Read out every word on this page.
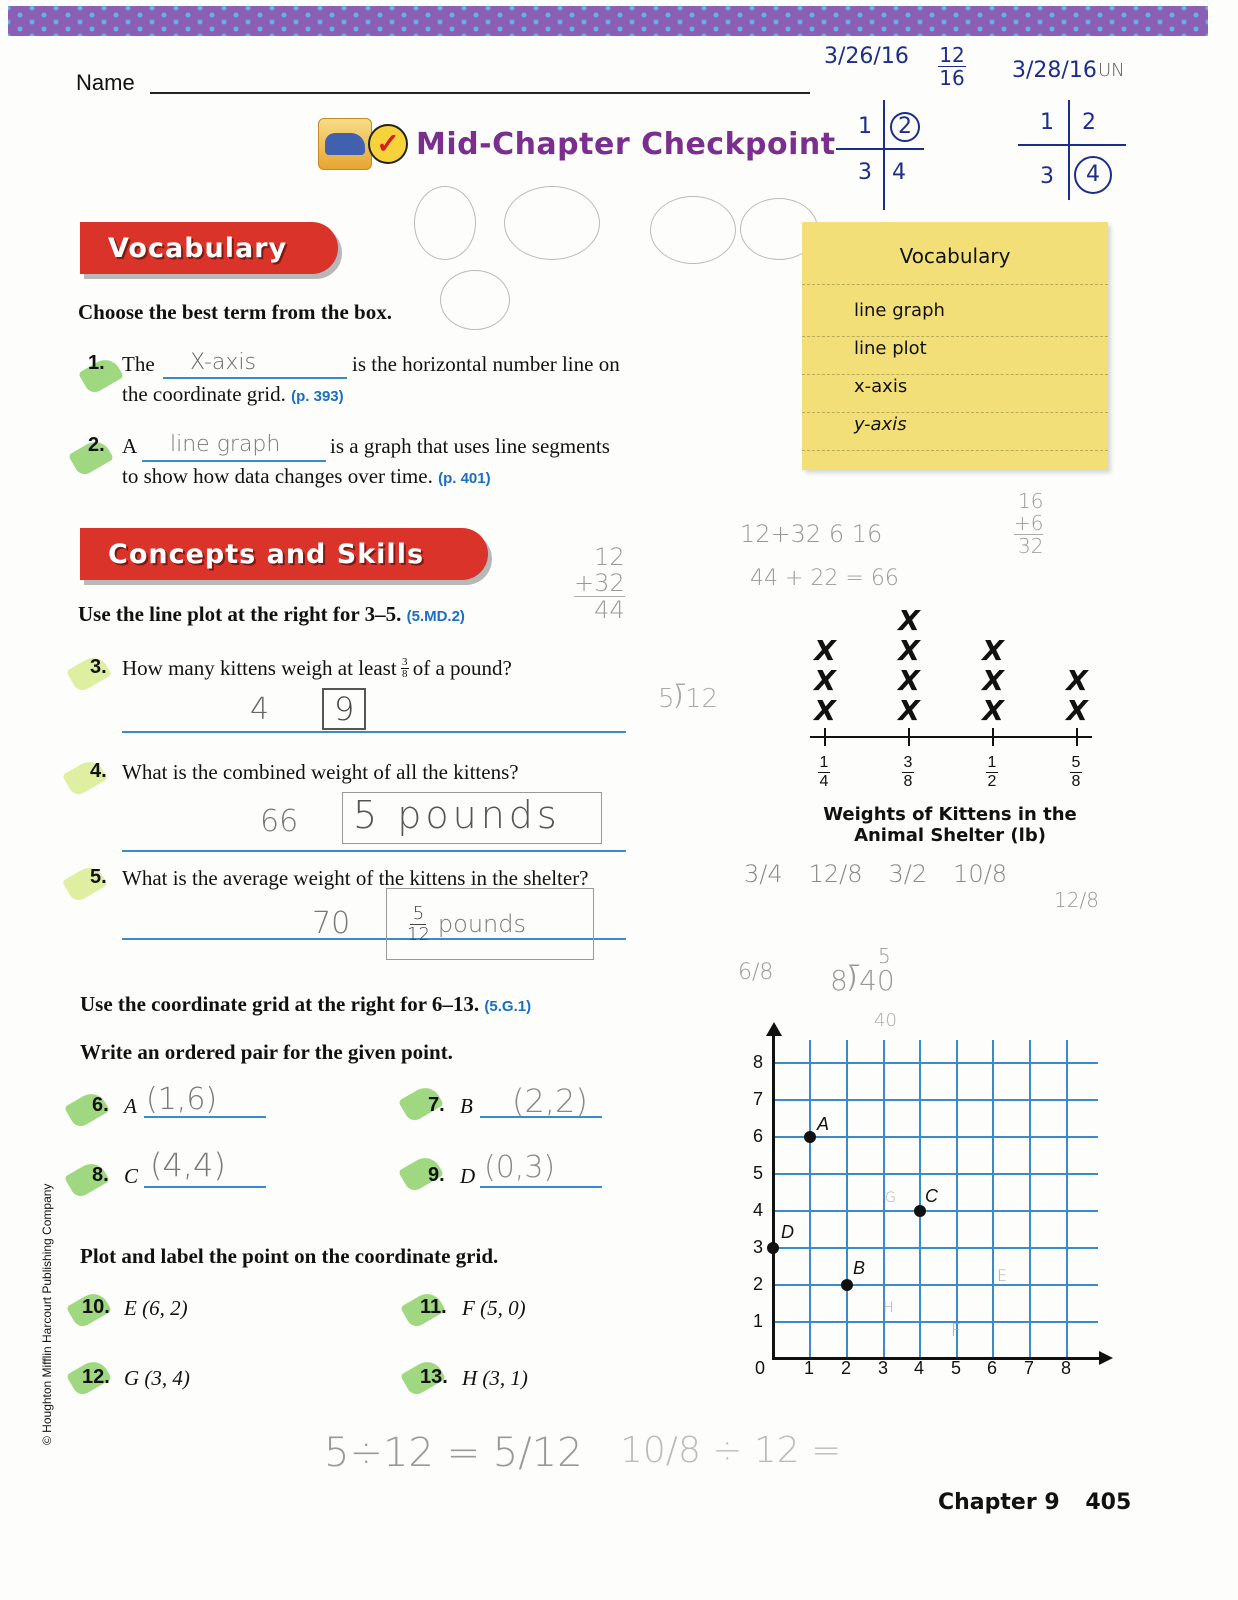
Name
✓ Mid-Chapter Checkpoint
3/26/16 12
16 3/28/16 UN
1	2
3 4
1 2
3	4
Vocabulary
Choose the best term from the box.
Vocabulary
line graph
line plot
x-axis
y-axis
1. The X-axis	is the horizontal number line on
the coordinate grid. (p. 393)
2. A line graph is a graph that uses line segments
to show how data changes over time. (p. 401)
Concepts and Skills
Use the line plot at the right for 3–5. (5.MD.2)
3. How many kittens weigh at least 3
8 of a pound?
4	9
4. What is the combined weight of all the kittens?
66 5 pounds
5. What is the average weight of the kittens in the shelter?
70	5
12 pounds
Use the coordinate grid at the right for 6–13. (5.G.1)
Write an ordered pair for the given point.
6. A (1,6)	7. B (2,2)
8. C (4,4)	9. D (0,3)
Plot and label the point on the coordinate grid.
10. E (6, 2)	11. F (5, 0)
12. G (3, 4)	13. H (3, 1)
X
X
X
X
X
X
X
X
X
X
X
X
1
4
3
8
1
2
5
8
Weights of Kittens in the
Animal Shelter (lb)
1
2
3
4
5
6
7
8
0 1 2 3 4 5 6 7 8
A
B
C
D
E
F
G
H
12
+32
44
12+32 6 16
44 + 22 = 66
16
+6
32
5⟌12
3/4 12/8 3/2 10/8
12/8
6/8
5
8⟌40
40
5÷12 = 5/12 10/8 ÷ 12 =
© Houghton Mifflin Harcourt Publishing Company
Chapter 9 405
